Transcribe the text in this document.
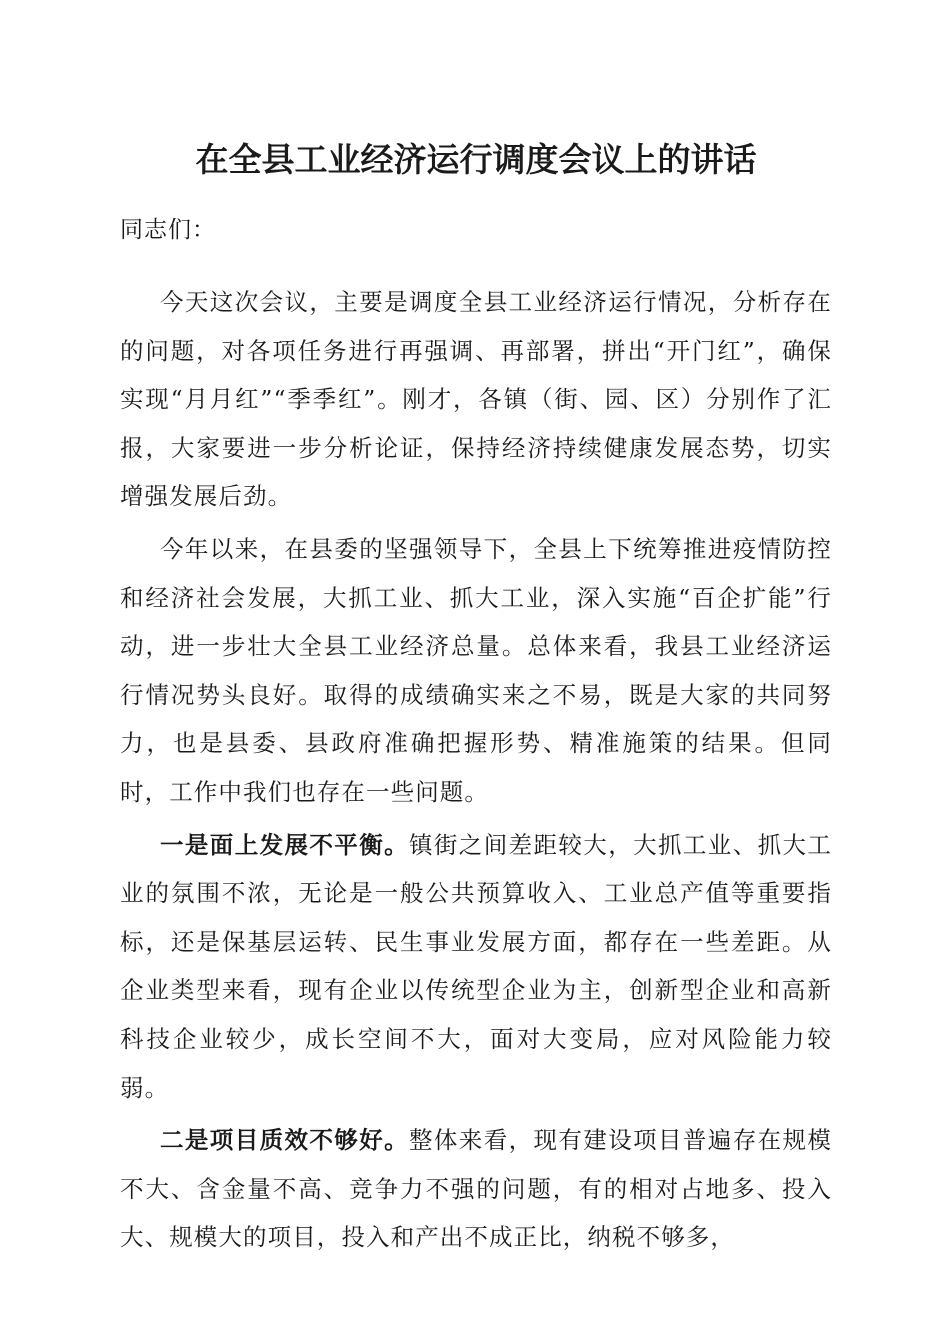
在全县工业经济运行调度会议上的讲话

同志们：

今天这次会议，主要是调度全县工业经济运行情况，分析存在的问题，对各项任务进行再强调、再部署，拼出“开门红”，确保实现“月月红”“季季红”。刚才，各镇（街、园、区）分别作了汇报，大家要进一步分析论证，保持经济持续健康发展态势，切实增强发展后劲。

今年以来，在县委的坚强领导下，全县上下统筹推进疫情防控和经济社会发展，大抓工业、抓大工业，深入实施“百企扩能”行动，进一步壮大全县工业经济总量。总体来看，我县工业经济运行情况势头良好。取得的成绩确实来之不易，既是大家的共同努力，也是县委、县政府准确把握形势、精准施策的结果。但同时，工作中我们也存在一些问题。

一是面上发展不平衡。镇街之间差距较大，大抓工业、抓大工业的氛围不浓，无论是一般公共预算收入、工业总产值等重要指标，还是保基层运转、民生事业发展方面，都存在一些差距。从企业类型来看，现有企业以传统型企业为主，创新型企业和高新科技企业较少，成长空间不大，面对大变局，应对风险能力较弱。

二是项目质效不够好。整体来看，现有建设项目普遍存在规模不大、含金量不高、竞争力不强的问题，有的相对占地多、投入大、规模大的项目，投入和产出不成正比，纳税不够多，
